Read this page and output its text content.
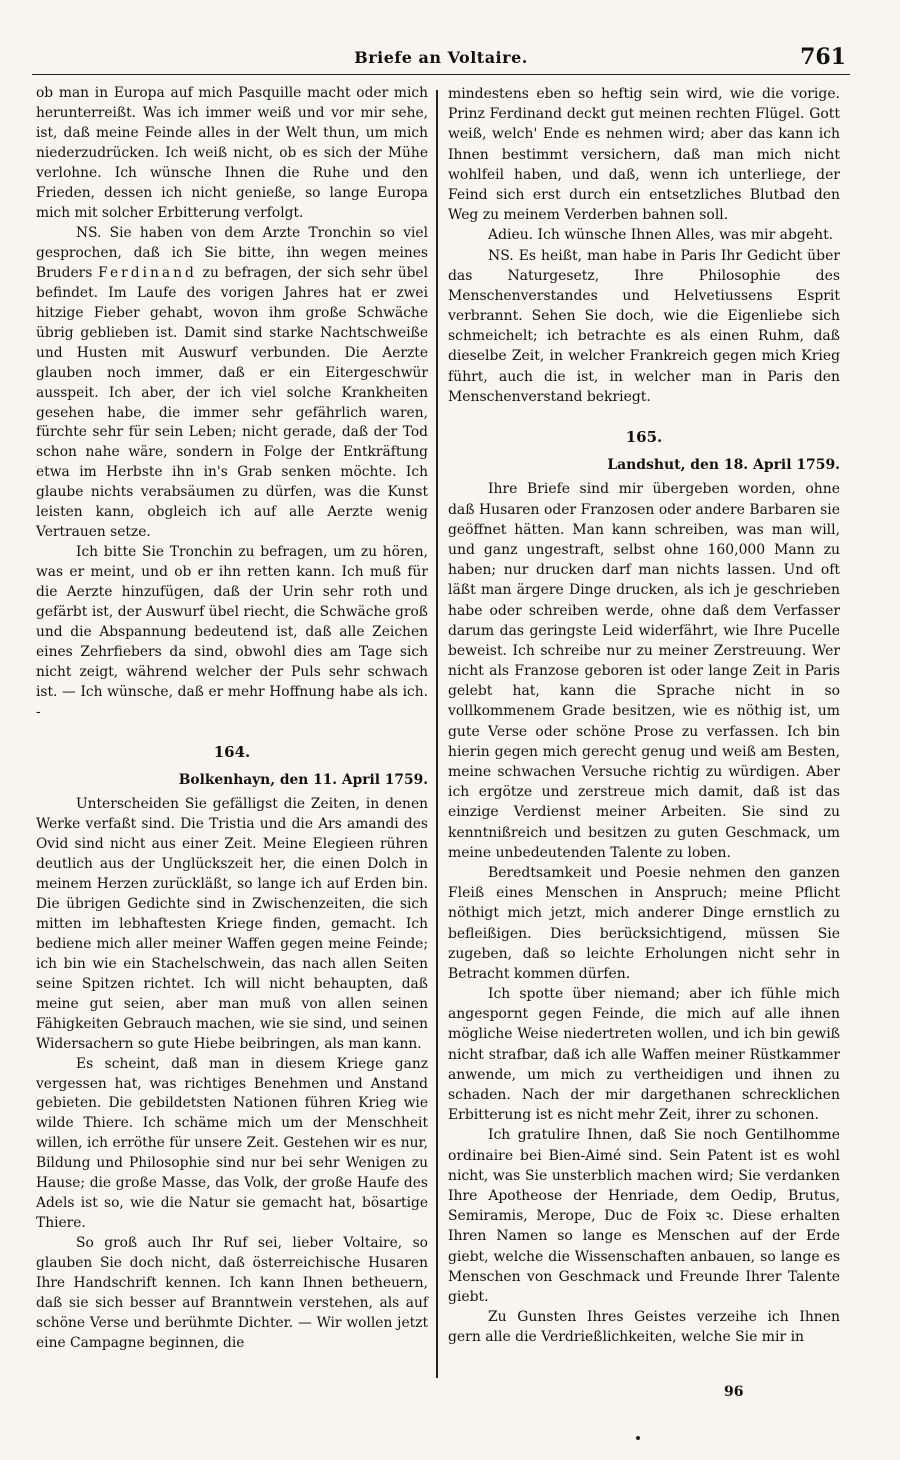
Briefe an Voltaire.	761

ob man in Europa auf mich Pasquille macht oder mich herunterreißt. Was ich immer weiß und vor mir sehe, ist, daß meine Feinde alles in der Welt thun, um mich niederzudrücken. Ich weiß nicht, ob es sich der Mühe verlohne. Ich wünsche Ihnen die Ruhe und den Frieden, dessen ich nicht genieße, so lange Europa mich mit solcher Erbitterung verfolgt.

NS. Sie haben von dem Arzte Tronchin so viel gesprochen, daß ich Sie bitte, ihn wegen meines Bruders Ferdinand zu befragen, der sich sehr übel befindet. Im Laufe des vorigen Jahres hat er zwei hitzige Fieber gehabt, wovon ihm große Schwäche übrig geblieben ist. Damit sind starke Nachtschweiße und Husten mit Auswurf verbunden. Die Aerzte glauben noch immer, daß er ein Eitergeschwür ausspeit. Ich aber, der ich viel solche Krankheiten gesehen habe, die immer sehr gefährlich waren, fürchte sehr für sein Leben; nicht gerade, daß der Tod schon nahe wäre, sondern in Folge der Entkräftung etwa im Herbste ihn in's Grab senken möchte. Ich glaube nichts verabsäumen zu dürfen, was die Kunst leisten kann, obgleich ich auf alle Aerzte wenig Vertrauen setze.

Ich bitte Sie Tronchin zu befragen, um zu hören, was er meint, und ob er ihn retten kann. Ich muß für die Aerzte hinzufügen, daß der Urin sehr roth und gefärbt ist, der Auswurf übel riecht, die Schwäche groß und die Abspannung bedeutend ist, daß alle Zeichen eines Zehrfiebers da sind, obwohl dies am Tage sich nicht zeigt, während welcher der Puls sehr schwach ist. — Ich wünsche, daß er mehr Hoffnung habe als ich. -

164.
Bolkenhayn, den 11. April 1759.

Unterscheiden Sie gefälligst die Zeiten, in denen Werke verfaßt sind. Die Tristia und die Ars amandi des Ovid sind nicht aus einer Zeit. Meine Elegieen rühren deutlich aus der Unglückszeit her, die einen Dolch in meinem Herzen zurückläßt, so lange ich auf Erden bin. Die übrigen Gedichte sind in Zwischenzeiten, die sich mitten im lebhaftesten Kriege finden, gemacht. Ich bediene mich aller meiner Waffen gegen meine Feinde; ich bin wie ein Stachelschwein, das nach allen Seiten seine Spitzen richtet. Ich will nicht behaupten, daß meine gut seien, aber man muß von allen seinen Fähigkeiten Gebrauch machen, wie sie sind, und seinen Widersachern so gute Hiebe beibringen, als man kann.

Es scheint, daß man in diesem Kriege ganz vergessen hat, was richtiges Benehmen und Anstand gebieten. Die gebildetsten Nationen führen Krieg wie wilde Thiere. Ich schäme mich um der Menschheit willen, ich erröthe für unsere Zeit. Gestehen wir es nur, Bildung und Philosophie sind nur bei sehr Wenigen zu Hause; die große Masse, das Volk, der große Haufe des Adels ist so, wie die Natur sie gemacht hat, bösartige Thiere.

So groß auch Ihr Ruf sei, lieber Voltaire, so glauben Sie doch nicht, daß österreichische Husaren Ihre Handschrift kennen. Ich kann Ihnen betheuern, daß sie sich besser auf Branntwein verstehen, als auf schöne Verse und berühmte Dichter. — Wir wollen jetzt eine Campagne beginnen, die

mindestens eben so heftig sein wird, wie die vorige. Prinz Ferdinand deckt gut meinen rechten Flügel. Gott weiß, welch' Ende es nehmen wird; aber das kann ich Ihnen bestimmt versichern, daß man mich nicht wohlfeil haben, und daß, wenn ich unterliege, der Feind sich erst durch ein entsetzliches Blutbad den Weg zu meinem Verderben bahnen soll.

Adieu. Ich wünsche Ihnen Alles, was mir abgeht.

NS. Es heißt, man habe in Paris Ihr Gedicht über das Naturgesetz, Ihre Philosophie des Menschenverstandes und Helvetiussens Esprit verbrannt. Sehen Sie doch, wie die Eigenliebe sich schmeichelt; ich betrachte es als einen Ruhm, daß dieselbe Zeit, in welcher Frankreich gegen mich Krieg führt, auch die ist, in welcher man in Paris den Menschenverstand bekriegt.

165.
Landshut, den 18. April 1759.

Ihre Briefe sind mir übergeben worden, ohne daß Husaren oder Franzosen oder andere Barbaren sie geöffnet hätten. Man kann schreiben, was man will, und ganz ungestraft, selbst ohne 160,000 Mann zu haben; nur drucken darf man nichts lassen. Und oft läßt man ärgere Dinge drucken, als ich je geschrieben habe oder schreiben werde, ohne daß dem Verfasser darum das geringste Leid widerfährt, wie Ihre Pucelle beweist. Ich schreibe nur zu meiner Zerstreuung. Wer nicht als Franzose geboren ist oder lange Zeit in Paris gelebt hat, kann die Sprache nicht in so vollkommenem Grade besitzen, wie es nöthig ist, um gute Verse oder schöne Prose zu verfassen. Ich bin hierin gegen mich gerecht genug und weiß am Besten, meine schwachen Versuche richtig zu würdigen. Aber ich ergötze und zerstreue mich damit, daß ist das einzige Verdienst meiner Arbeiten. Sie sind zu kenntnißreich und besitzen zu guten Geschmack, um meine unbedeutenden Talente zu loben.

Beredtsamkeit und Poesie nehmen den ganzen Fleiß eines Menschen in Anspruch; meine Pflicht nöthigt mich jetzt, mich anderer Dinge ernstlich zu befleißigen. Dies berücksichtigend, müssen Sie zugeben, daß so leichte Erholungen nicht sehr in Betracht kommen dürfen.

Ich spotte über niemand; aber ich fühle mich angespornt gegen Feinde, die mich auf alle ihnen mögliche Weise niedertreten wollen, und ich bin gewiß nicht strafbar, daß ich alle Waffen meiner Rüstkammer anwende, um mich zu vertheidigen und ihnen zu schaden. Nach der mir dargethanen schrecklichen Erbitterung ist es nicht mehr Zeit, ihrer zu schonen.

Ich gratulire Ihnen, daß Sie noch Gentilhomme ordinaire bei Bien-Aimé sind. Sein Patent ist es wohl nicht, was Sie unsterblich machen wird; Sie verdanken Ihre Apotheose der Henriade, dem Oedip, Brutus, Semiramis, Merope, Duc de Foix ꝛc. Diese erhalten Ihren Namen so lange es Menschen auf der Erde giebt, welche die Wissenschaften anbauen, so lange es Menschen von Geschmack und Freunde Ihrer Talente giebt.

Zu Gunsten Ihres Geistes verzeihe ich Ihnen gern alle die Verdrießlichkeiten, welche Sie mir in

96
